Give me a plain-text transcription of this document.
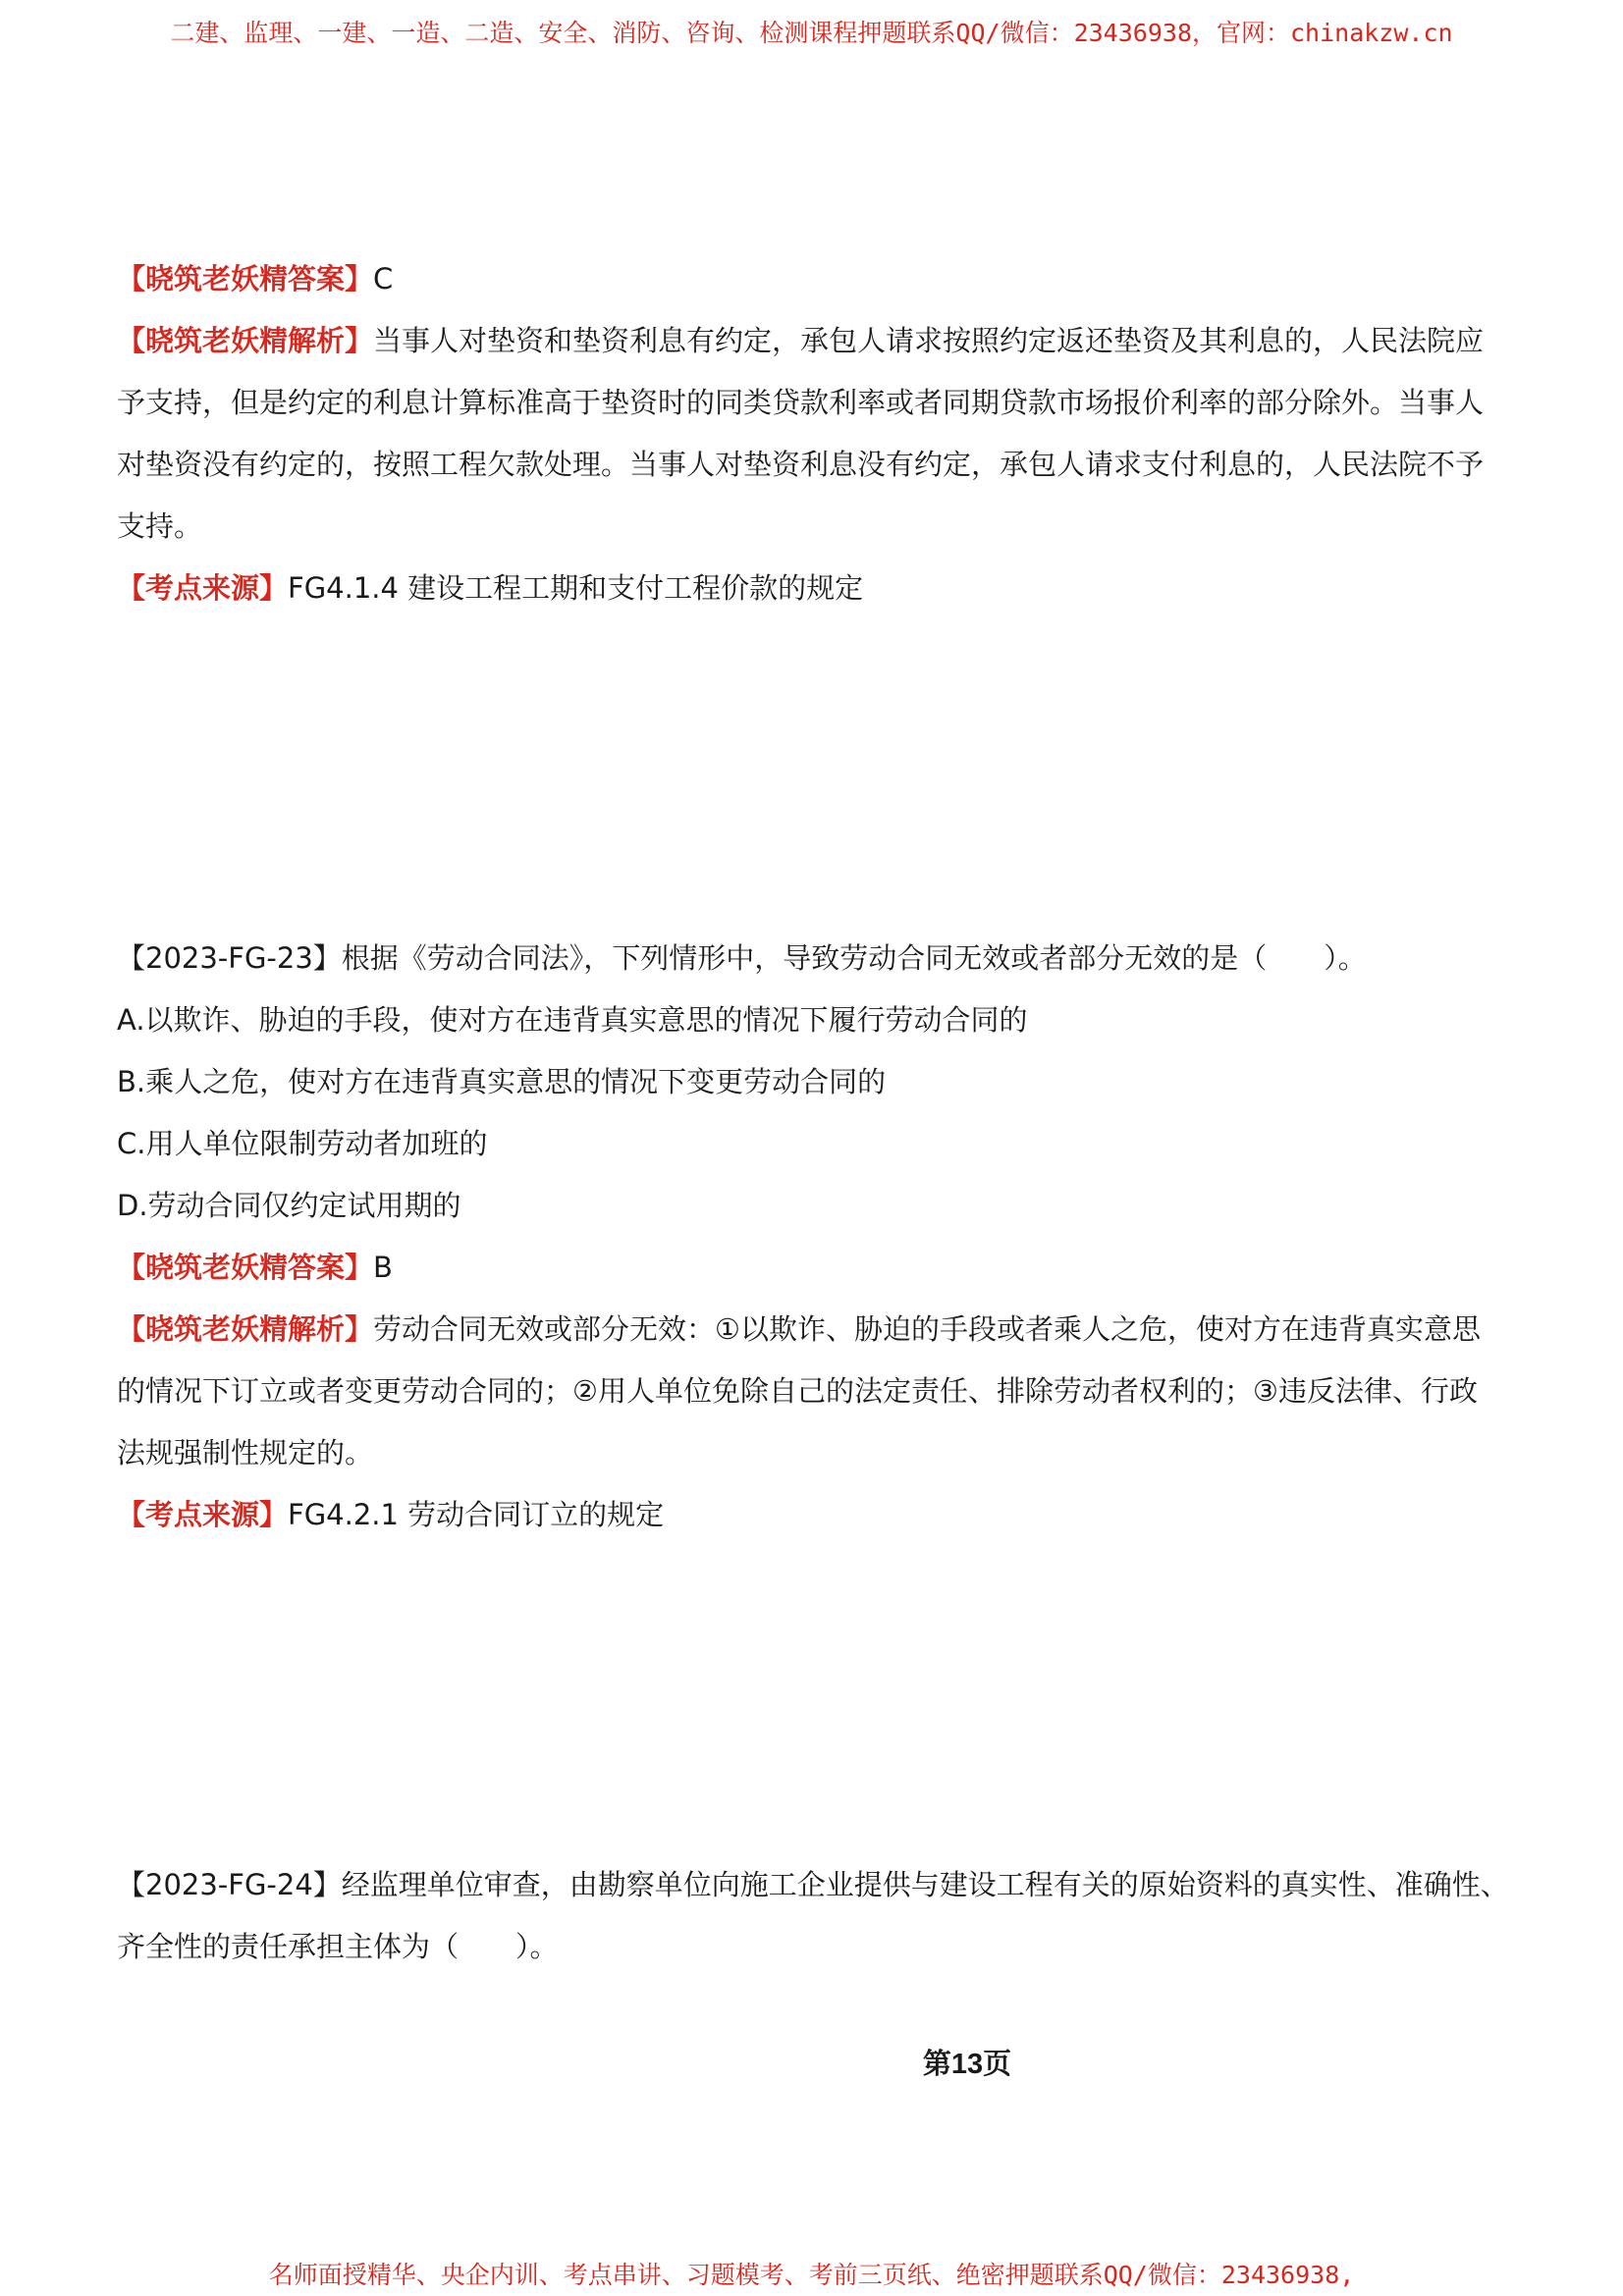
二建、监理、一建、一造、二造、安全、消防、咨询、检测课程押题联系QQ/微信：23436938，官网：chinakzw.cn
【晓筑老妖精答案】C
【晓筑老妖精解析】当事人对垫资和垫资利息有约定，承包人请求按照约定返还垫资及其利息的，人民法院应
予支持，但是约定的利息计算标准高于垫资时的同类贷款利率或者同期贷款市场报价利率的部分除外。当事人
对垫资没有约定的，按照工程欠款处理。当事人对垫资利息没有约定，承包人请求支付利息的，人民法院不予
支持。
【考点来源】FG4.1.4 建设工程工期和支付工程价款的规定
【2023-FG-23】根据《劳动合同法》，下列情形中，导致劳动合同无效或者部分无效的是（　　）。
A.以欺诈、胁迫的手段，使对方在违背真实意思的情况下履行劳动合同的
B.乘人之危，使对方在违背真实意思的情况下变更劳动合同的
C.用人单位限制劳动者加班的
D.劳动合同仅约定试用期的
【晓筑老妖精答案】B
【晓筑老妖精解析】劳动合同无效或部分无效：①以欺诈、胁迫的手段或者乘人之危，使对方在违背真实意思
的情况下订立或者变更劳动合同的；②用人单位免除自己的法定责任、排除劳动者权利的；③违反法律、行政
法规强制性规定的。
【考点来源】FG4.2.1 劳动合同订立的规定
【2023-FG-24】经监理单位审查，由勘察单位向施工企业提供与建设工程有关的原始资料的真实性、准确性、
齐全性的责任承担主体为（　　）。
第13页
名师面授精华、央企内训、考点串讲、习题模考、考前三页纸、绝密押题联系QQ/微信：23436938,
